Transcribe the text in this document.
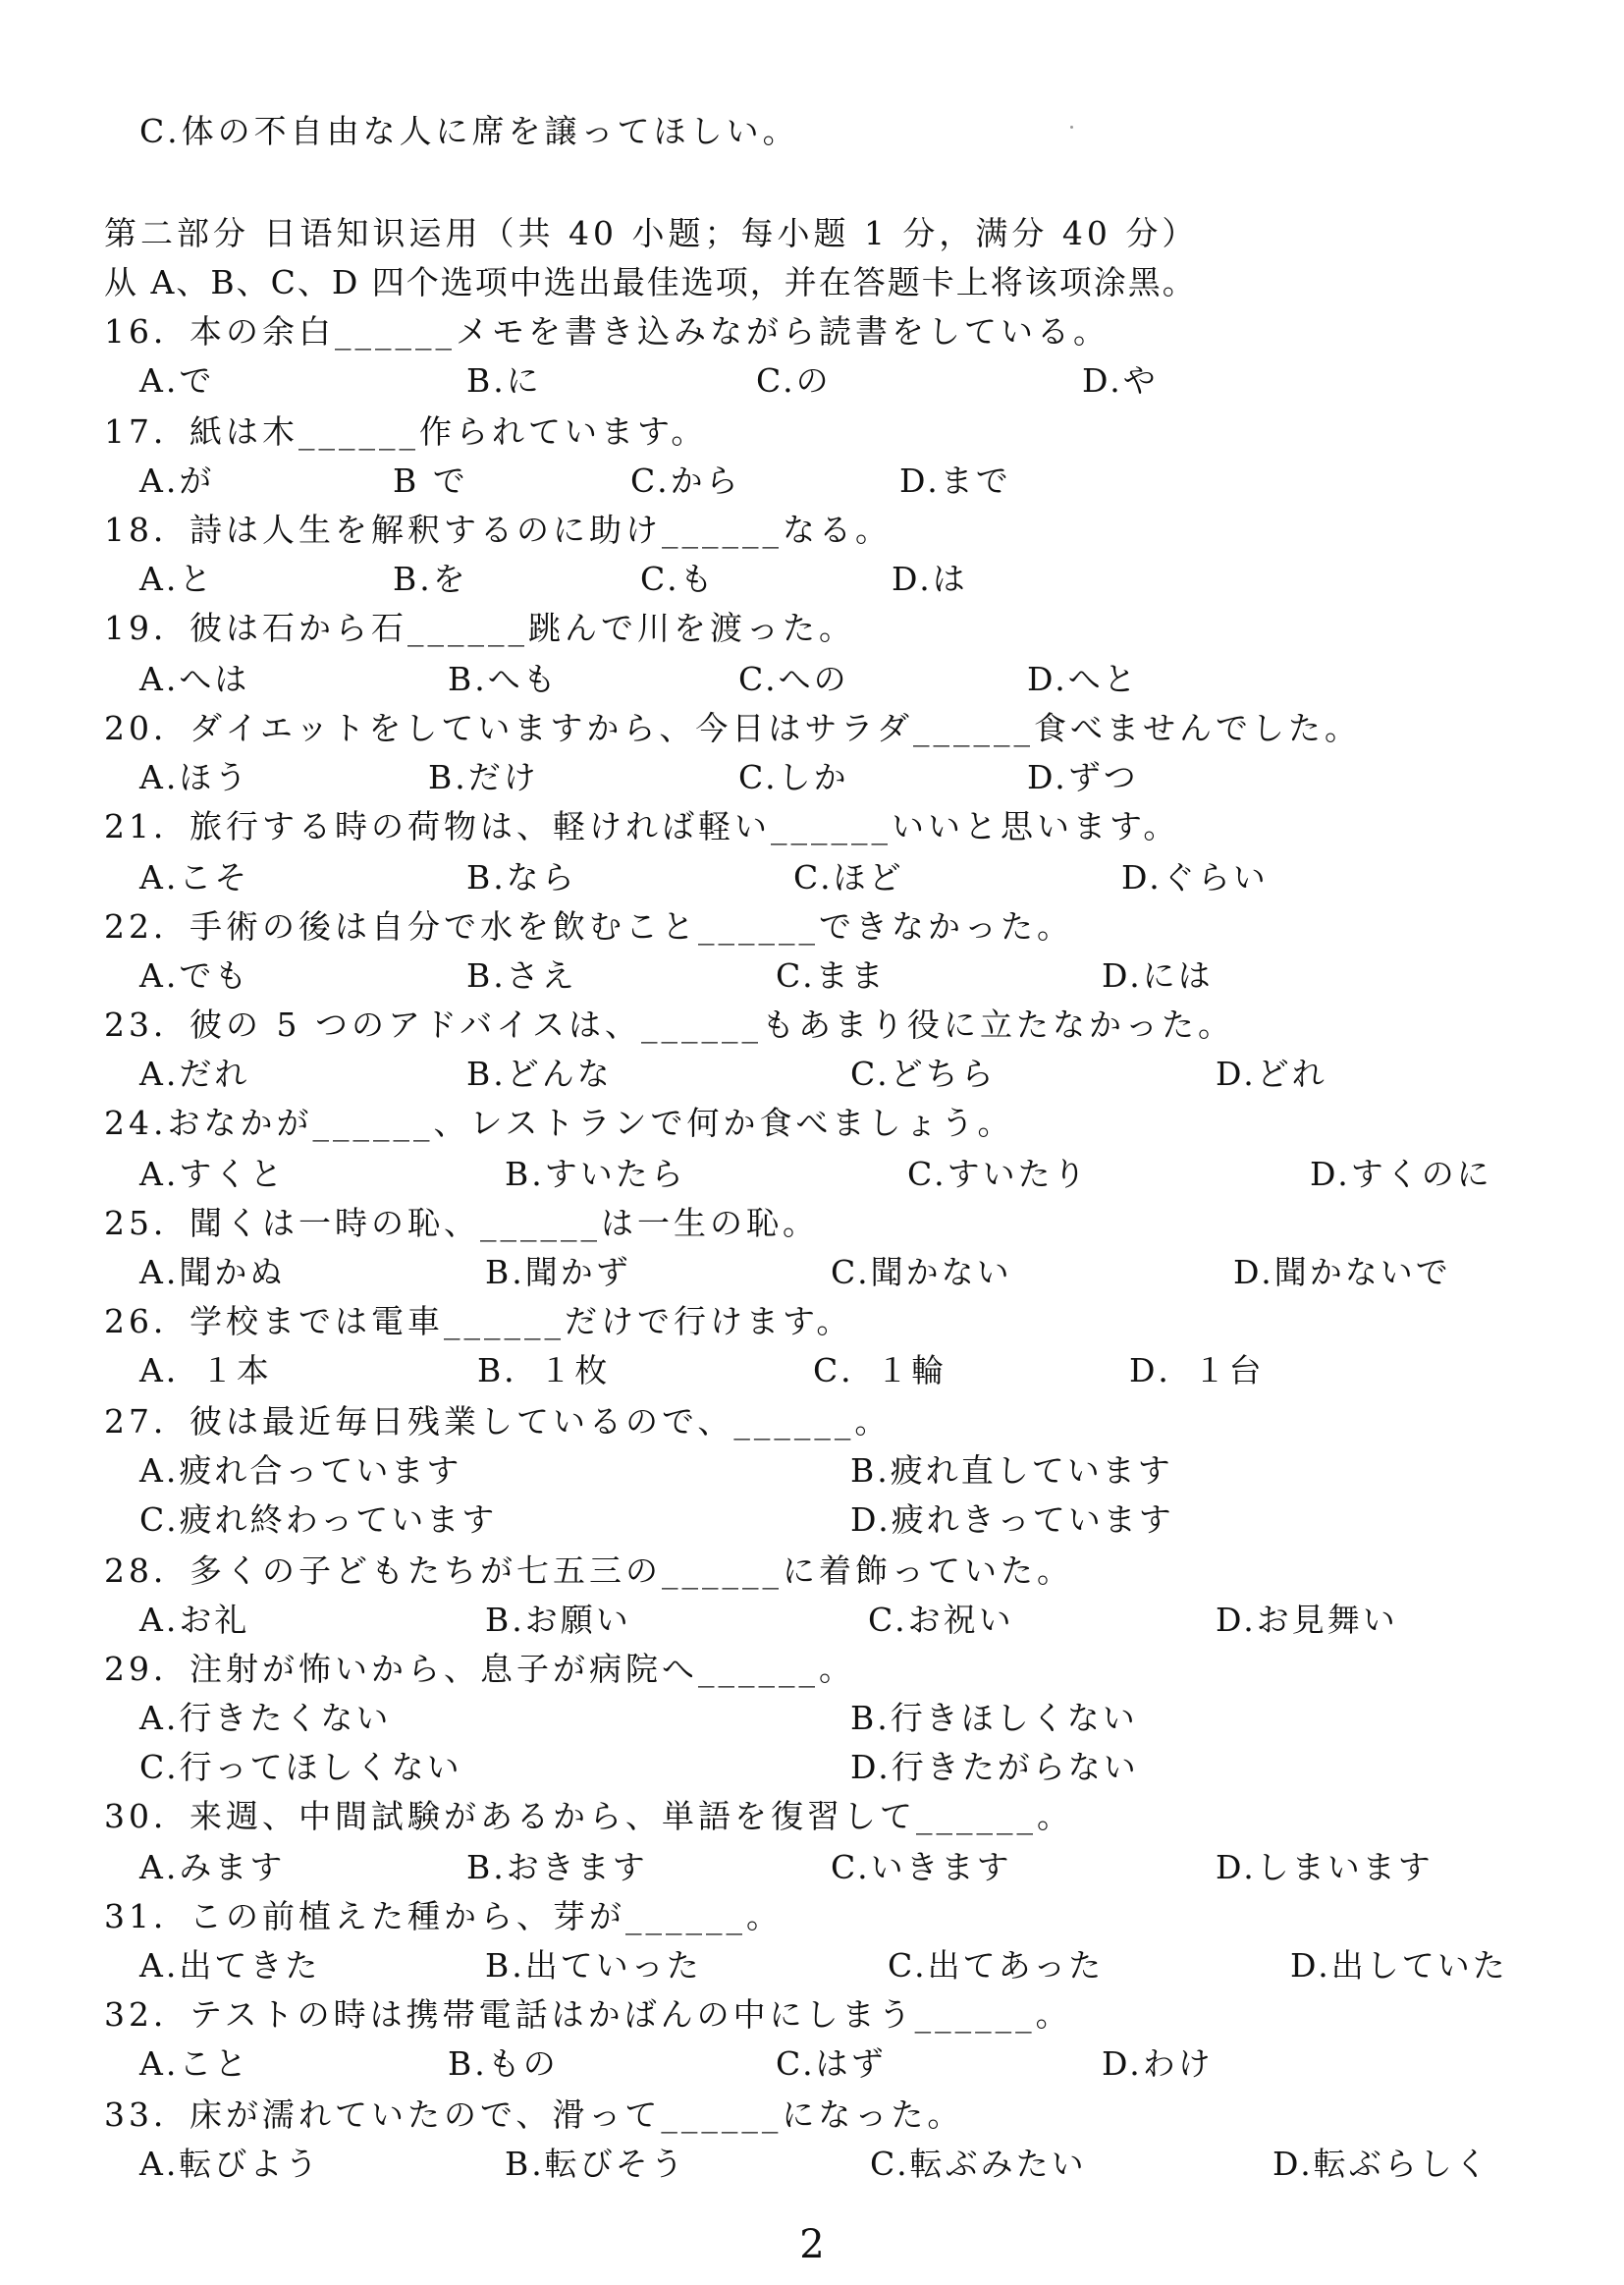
C.体の不自由な人に席を譲ってほしい。
第二部分 日语知识运用（共 40 小题；每小题 1 分，满分 40 分）
从 A、B、C、D 四个选项中选出最佳选项，并在答题卡上将该项涂黑。
16．本の余白______メモを書き込みながら読書をしている。
A.で	B.に	C.の	D.や
17．紙は木______作られています。
A.が	B で	C.から	D.まで
18．詩は人生を解釈するのに助け______なる。
A.と	B.を	C.も	D.は
19．彼は石から石______跳んで川を渡った。
A.へは	B.へも	C.への	D.へと
20．ダイエットをしていますから、今日はサラダ______食べませんでした。
A.ほう	B.だけ	C.しか	D.ずつ
21．旅行する時の荷物は、軽ければ軽い______いいと思います。
A.こそ	B.なら	C.ほど	D.ぐらい
22．手術の後は自分で水を飲むこと______できなかった。
A.でも	B.さえ	C.まま	D.には
23．彼の 5 つのアドバイスは、______もあまり役に立たなかった。
A.だれ	B.どんな	C.どちら	D.どれ
24.おなかが______、レストランで何か食べましょう。
A.すくと	B.すいたら	C.すいたり	D.すくのに
25．聞くは一時の恥、______は一生の恥。
A.聞かぬ	B.聞かず	C.聞かない	D.聞かないで
26．学校までは電車______だけで行けます。
A．１本	B．１枚	C．１輪	D．１台
27．彼は最近毎日残業しているので、______。
A.疲れ合っています	B.疲れ直しています
C.疲れ終わっています	D.疲れきっています
28．多くの子どもたちが七五三の______に着飾っていた。
A.お礼	B.お願い	C.お祝い	D.お見舞い
29．注射が怖いから、息子が病院へ______。
A.行きたくない	B.行きほしくない
C.行ってほしくない	D.行きたがらない
30．来週、中間試験があるから、単語を復習して______。
A.みます	B.おきます	C.いきます	D.しまいます
31．この前植えた種から、芽が______。
A.出てきた	B.出ていった	C.出てあった	D.出していた
32．テストの時は携帯電話はかばんの中にしまう______。
A.こと	B.もの	C.はず	D.わけ
33．床が濡れていたので、滑って______になった。
A.転びよう	B.転びそう	C.転ぶみたい	D.転ぶらしく
2
